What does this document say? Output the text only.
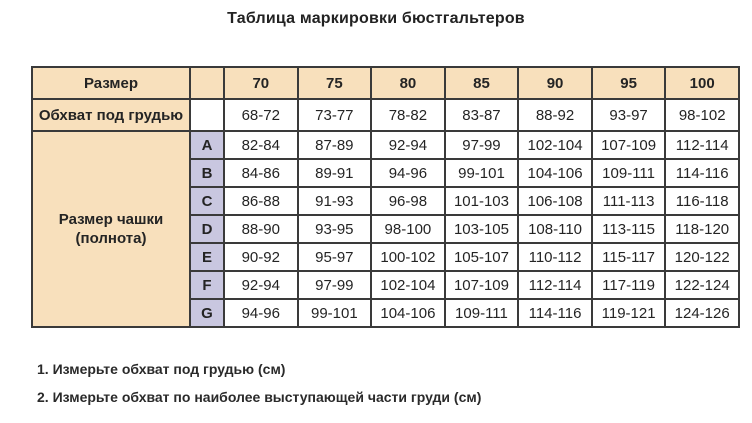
Таблица маркировки бюстгальтеров
Размер		70	75	80	85	90	95	100
Обхват под грудью		68-72	73-77	78-82	83-87	88-92	93-97	98-102

Размер чашки
(полнота)	A	82-84	87-89	92-94	97-99	102-104	107-109	112-114
	B	84-86	89-91	94-96	99-101	104-106	109-111	114-116
	C	86-88	91-93	96-98	101-103	106-108	111-113	116-118
	D	88-90	93-95	98-100	103-105	108-110	113-115	118-120
	E	90-92	95-97	100-102	105-107	110-112	115-117	120-122
	F	92-94	97-99	102-104	107-109	112-114	117-119	122-124
	G	94-96	99-101	104-106	109-111	114-116	119-121	124-126
1. Измерьте обхват под грудью (см)
2. Измерьте обхват по наиболее выступающей части груди (см)
